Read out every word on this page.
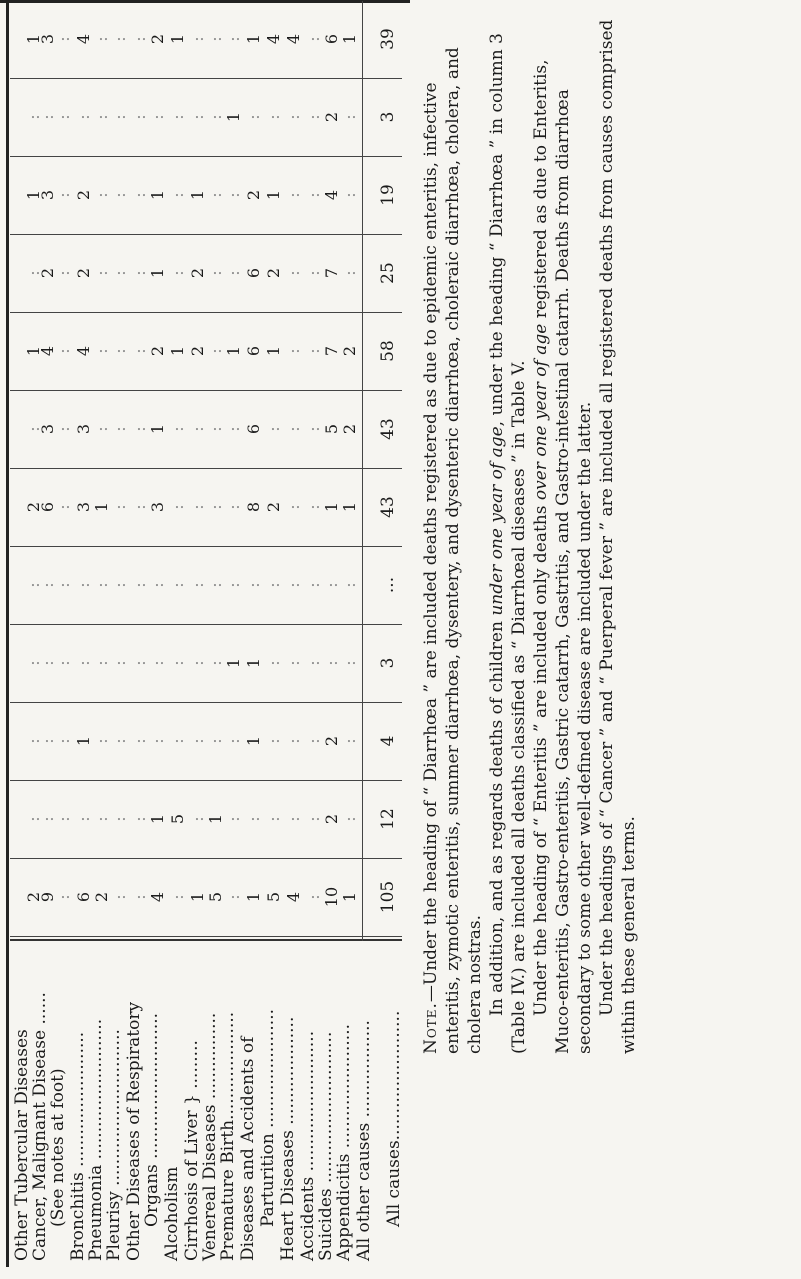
Other Tubercular Diseases
Cancer, Malignant Disease ......
(See notes at foot) Bronchitis .........................
Pneumonia ..........................
Pleurisy ............................. Other Diseases of Respiratory
Organs ........................... Alcoholism Cirrhosis of Liver } .........
Venereal Diseases ................
Premature Birth.................... Diseases and Accidents of Parturition ...................... Heart Diseases .................... Accidents ..........................
Suicides ............................
Appendicitis ....................... All other causes .................. All causes........................
2
9
: 6 2 : : 4 : 1 5 : 1 5 4 : 10 1 105
:
:
: : : : : 1 5 : 1 : : : : : 2 : 12
:
:
: 1 : : : : : : : : 1 : : : 2 : 4
:
:
: : : : : : : : : 1 1 : : : : : 3
:
:
: : : : : : : : : : : : : : : : ...
2
6
: 3 1 : : 3 : : : : 8 2 : : 1 1 43
:
3
: 3 : : : 1 : : : : 6 : : : 5 2 43
1
4
: 4 : : : 2 1 2 : 1 6 1 : : 7 2 58
:
2
: 2 : : : 1 : 2 : : 6 2 : : 7 : 25
1
3
: 2 : : : 1 : 1 : : 2 1 : : 4 : 19
:
:
: : : : : : : : : 1 : : : : 2 : 3
1
3
: 4 : : : 2 1 : : : 1 4 4 : 6 1 39

Note.—Under the heading of “ Diarrhœa ” are included deaths registered as due to epidemic enteritis, infective enteritis, zymotic enteritis, summer diarrhœa, dysentery, and dysenteric diarrhœa, choleraic diarrhœa, cholera, and cholera nostras. In addition, and as regards deaths of children under one year of age, under the heading “ Diarrhœa ” in column 3 (Table IV.) are included all deaths classified as “ Diarrhœal diseases ” in Table V. Under the heading of “ Enteritis ” are included only deaths over one year of age registered as due to Enteritis, Muco-enteritis, Gastro-enteritis, Gastric catarrh, Gastritis, and Gastro-intestinal catarrh. Deaths from diarrhœa secondary to some other well-defined disease are included under the latter. Under the headings of “ Cancer ” and “ Puerperal fever ” are included all registered deaths from causes comprised within these general terms.
